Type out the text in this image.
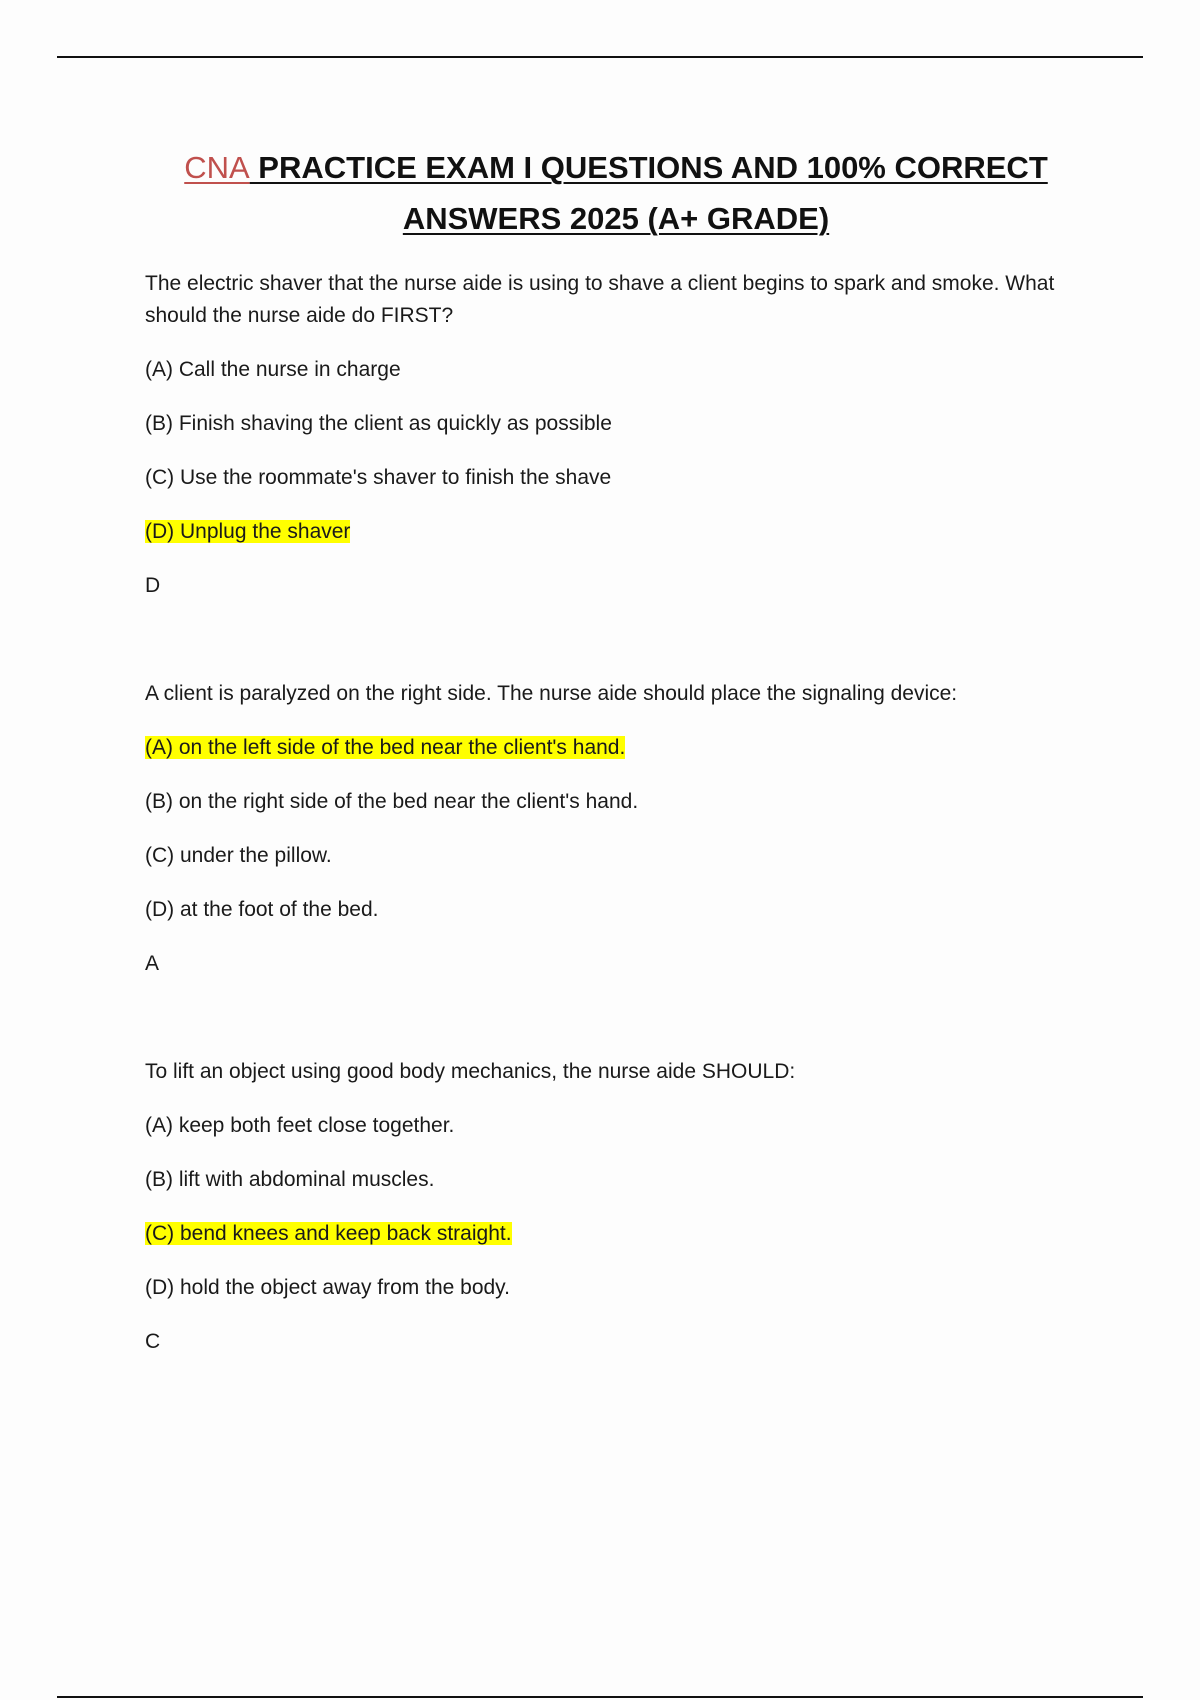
CNA PRACTICE EXAM I QUESTIONS AND 100% CORRECT
ANSWERS 2025 (A+ GRADE)

The electric shaver that the nurse aide is using to shave a client begins to spark and smoke. What should the nurse aide do FIRST?

(A) Call the nurse in charge
(B) Finish shaving the client as quickly as possible
(C) Use the roommate's shaver to finish the shave
(D) Unplug the shaver
D

A client is paralyzed on the right side. The nurse aide should place the signaling device:

(A) on the left side of the bed near the client's hand.
(B) on the right side of the bed near the client's hand.
(C) under the pillow.
(D) at the foot of the bed.
A

To lift an object using good body mechanics, the nurse aide SHOULD:

(A) keep both feet close together.
(B) lift with abdominal muscles.
(C) bend knees and keep back straight.
(D) hold the object away from the body.
C
